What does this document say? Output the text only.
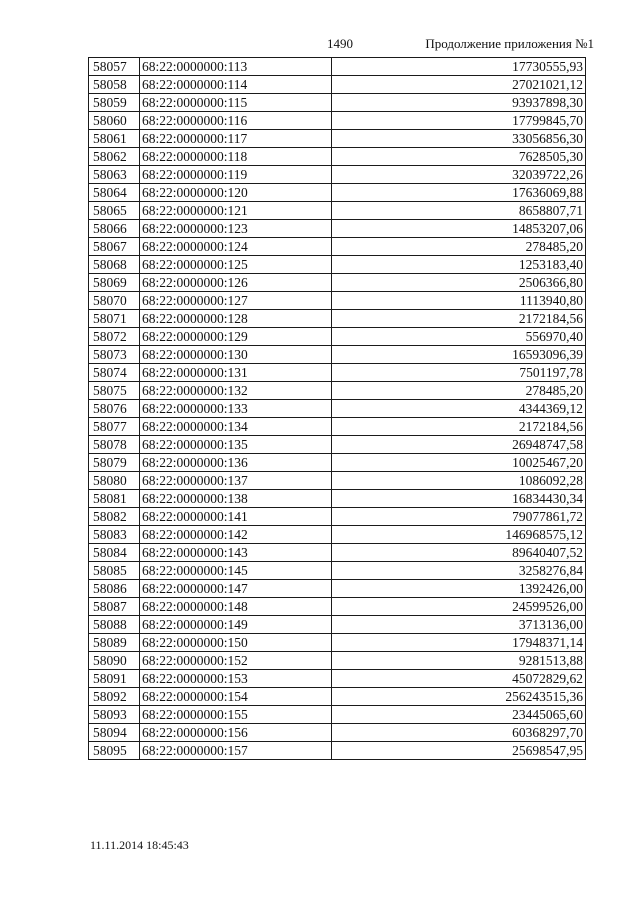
1490	Продолжение приложения №1
58057	68:22:0000000:113	17730555,93
58058	68:22:0000000:114	27021021,12
58059	68:22:0000000:115	93937898,30
58060	68:22:0000000:116	17799845,70
58061	68:22:0000000:117	33056856,30
58062	68:22:0000000:118	7628505,30
58063	68:22:0000000:119	32039722,26
58064	68:22:0000000:120	17636069,88
58065	68:22:0000000:121	8658807,71
58066	68:22:0000000:123	14853207,06
58067	68:22:0000000:124	278485,20
58068	68:22:0000000:125	1253183,40
58069	68:22:0000000:126	2506366,80
58070	68:22:0000000:127	1113940,80
58071	68:22:0000000:128	2172184,56
58072	68:22:0000000:129	556970,40
58073	68:22:0000000:130	16593096,39
58074	68:22:0000000:131	7501197,78
58075	68:22:0000000:132	278485,20
58076	68:22:0000000:133	4344369,12
58077	68:22:0000000:134	2172184,56
58078	68:22:0000000:135	26948747,58
58079	68:22:0000000:136	10025467,20
58080	68:22:0000000:137	1086092,28
58081	68:22:0000000:138	16834430,34
58082	68:22:0000000:141	79077861,72
58083	68:22:0000000:142	146968575,12
58084	68:22:0000000:143	89640407,52
58085	68:22:0000000:145	3258276,84
58086	68:22:0000000:147	1392426,00
58087	68:22:0000000:148	24599526,00
58088	68:22:0000000:149	3713136,00
58089	68:22:0000000:150	17948371,14
58090	68:22:0000000:152	9281513,88
58091	68:22:0000000:153	45072829,62
58092	68:22:0000000:154	256243515,36
58093	68:22:0000000:155	23445065,60
58094	68:22:0000000:156	60368297,70
58095	68:22:0000000:157	25698547,95
11.11.2014 18:45:43
